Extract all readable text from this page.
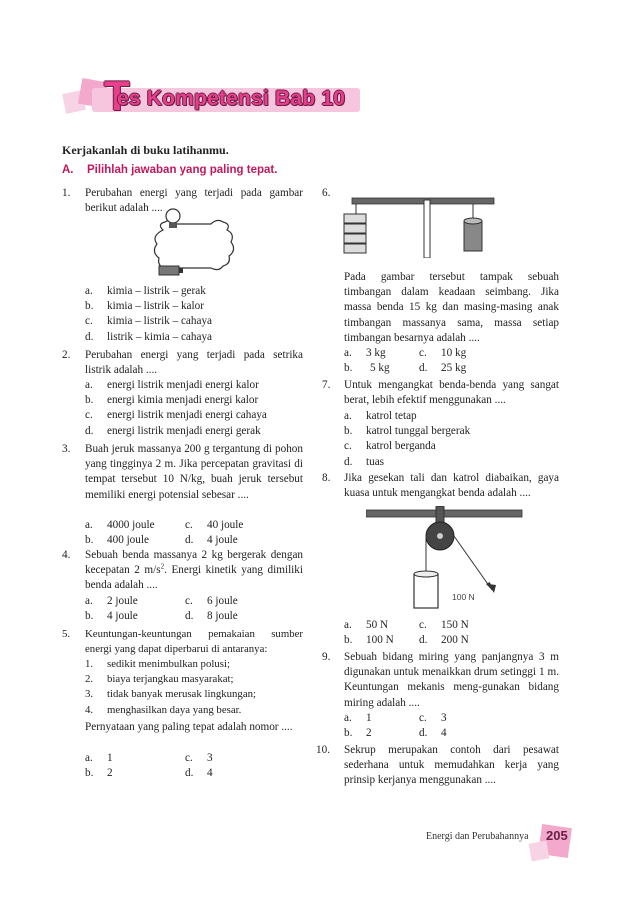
T
es Kompetensi Bab 10
Kerjakanlah di buku latihanmu.
A. Pilihlah jawaban yang paling tepat.
1. Perubahan energi yang terjadi pada gambar berikut adalah ....
a. kimia – listrik – gerak
b. kimia – listrik – kalor
c. kimia – listrik – cahaya
d. listrik – kimia – cahaya
2. Perubahan energi yang terjadi pada setrika listrik adalah ....
a. energi listrik menjadi energi kalor
b. energi kimia menjadi energi kalor
c. energi listrik menjadi energi cahaya
d. energi listrik menjadi energi gerak
3. Buah jeruk massanya 200 g tergantung di pohon yang tingginya 2 m. Jika percepatan gravitasi di tempat tersebut 10 N/kg, buah jeruk tersebut memiliki energi potensial sebesar ....
a. 4000 joule
b. 400 joule
c. 40 joule
d. 4 joule
4. Sebuah benda massanya 2 kg bergerak dengan kecepatan 2 $m/s^2$. Energi kinetik yang dimiliki benda adalah ....
a. 2 joule
b. 4 joule
c. 6 joule
d. 8 joule
5. Keuntungan-keuntungan pemakaian sumber energi yang dapat diperbarui di antaranya:
1. sedikit menimbulkan polusi;
2. biaya terjangkau masyarakat;
3. tidak banyak merusak lingkungan;
4. menghasilkan daya yang besar.
Pernyataan yang paling tepat adalah nomor ....
a. 1
b. 2
c. 3
d. 4
6.
Pada gambar tersebut tampak sebuah timbangan dalam keadaan seimbang. Jika massa benda 15 kg dan masing-masing anak timbangan massanya sama, massa setiap timbangan besarnya adalah ....
a. 3 kg
b. 5 kg
c. 10 kg
d. 25 kg
7. Untuk mengangkat benda-benda yang sangat berat, lebih efektif menggunakan ....
a. katrol tetap
b. katrol tunggal bergerak
c. katrol berganda
d. tuas
8. Jika gesekan tali dan katrol diabaikan, gaya kuasa untuk mengangkat benda adalah ....
100 N
a. 50 N
b. 100 N
c. 150 N
d. 200 N
9. Sebuah bidang miring yang panjangnya 3 m digunakan untuk menaikkan drum setinggi 1 m. Keuntungan mekanis meng-gunakan bidang miring adalah ....
a. 1
b. 2
c. 3
d. 4
10. Sekrup merupakan contoh dari pesawat sederhana untuk memudahkan kerja yang prinsip kerjanya menggunakan ....
Energi dan Perubahannya 205
